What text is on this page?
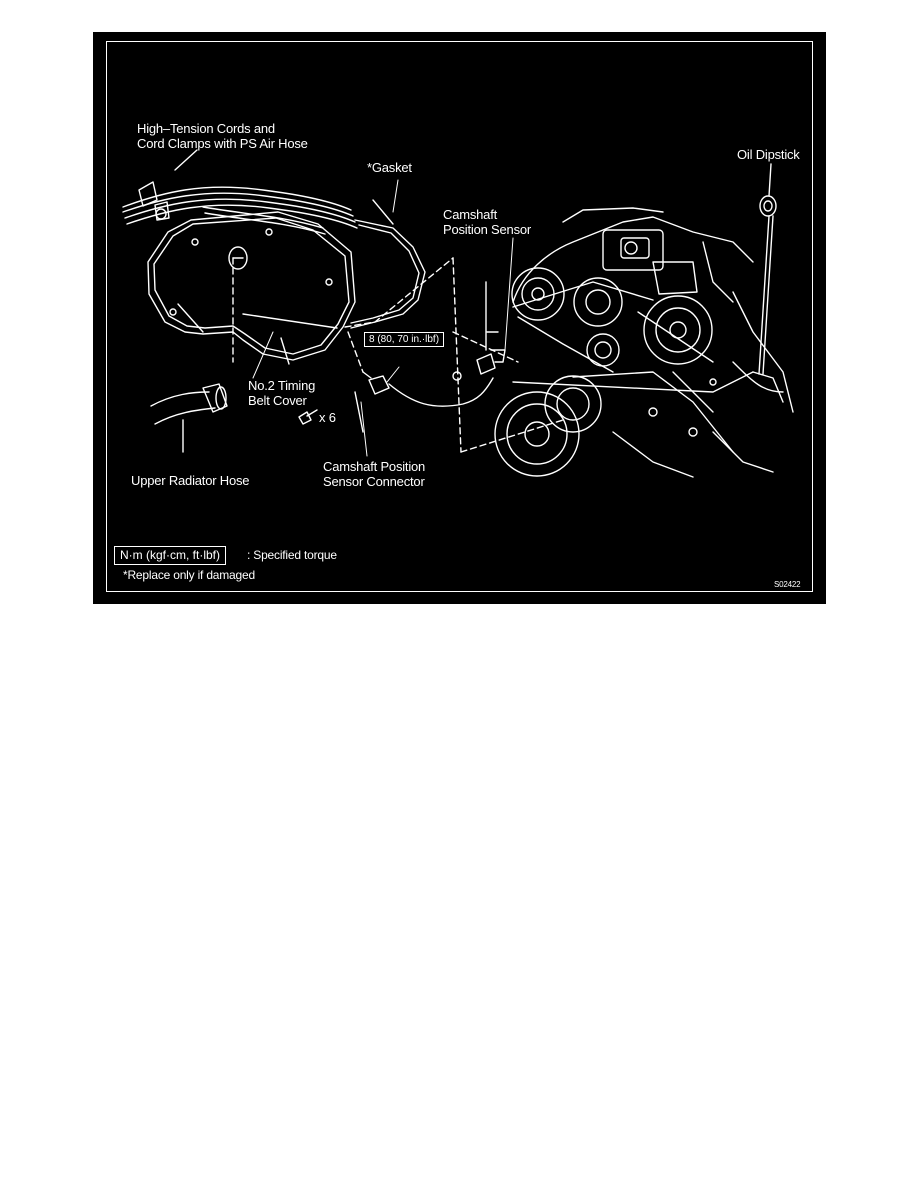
High–Tension Cords and
Cord Clamps with PS Air Hose
*Gasket
Oil Dipstick
Camshaft
Position Sensor
8 (80, 70 in.·lbf)
No.2 Timing
Belt Cover
x 6
Upper Radiator Hose
Camshaft Position
Sensor Connector
N·m (kgf·cm, ft·lbf)	: Specified torque
*Replace only if damaged
S02422
